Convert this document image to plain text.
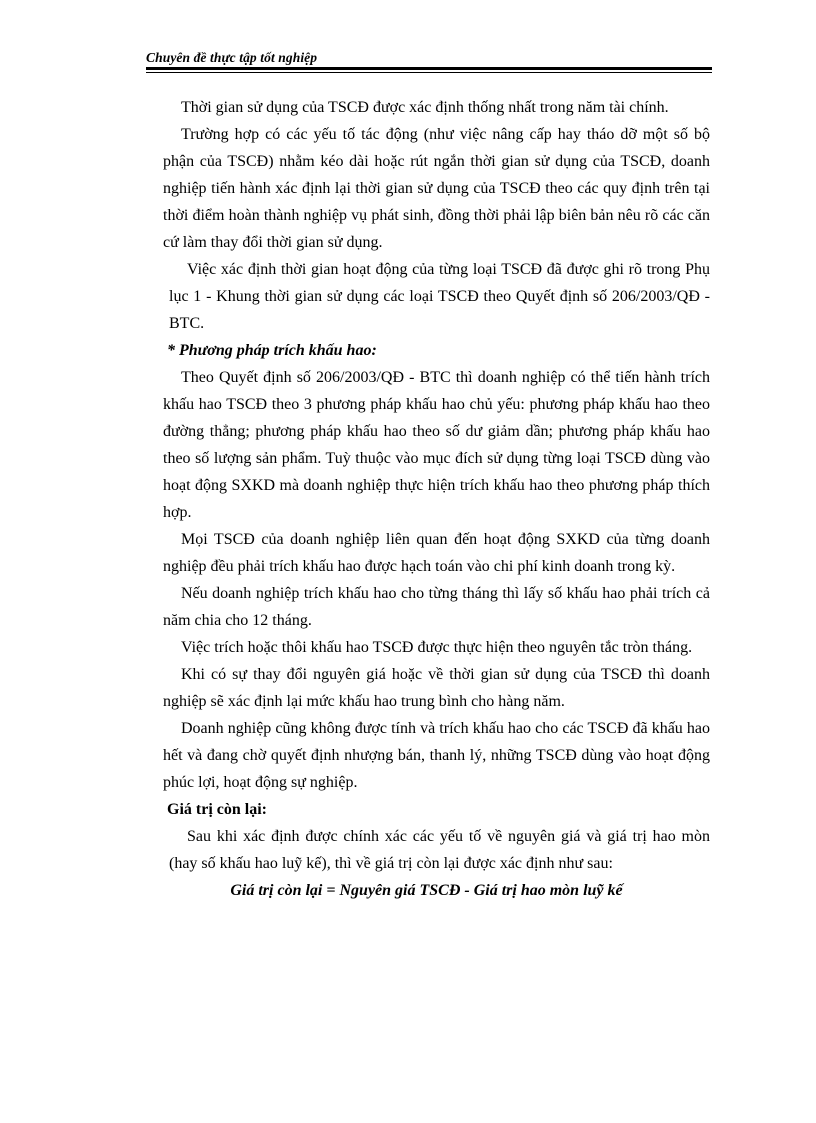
Chuyên đề thực tập tốt nghiệp

Thời gian sử dụng của TSCĐ được xác định thống nhất trong năm tài chính.

Trường hợp có các yếu tố tác động (như việc nâng cấp hay tháo dỡ một số bộ phận của TSCĐ) nhằm kéo dài hoặc rút ngắn thời gian sử dụng của TSCĐ, doanh nghiệp tiến hành xác định lại thời gian sử dụng của TSCĐ theo các quy định trên tại thời điểm hoàn thành nghiệp vụ phát sinh, đồng thời phải lập biên bản nêu rõ các căn cứ làm thay đổi thời gian sử dụng.

Việc xác định thời gian hoạt động của từng loại TSCĐ đã được ghi rõ trong Phụ lục 1 - Khung thời gian sử dụng các loại TSCĐ theo Quyết định số 206/2003/QĐ - BTC.

* Phương pháp trích khấu hao:

Theo Quyết định số 206/2003/QĐ - BTC thì doanh nghiệp có thể tiến hành trích khấu hao TSCĐ theo 3 phương pháp khấu hao chủ yếu: phương pháp khấu hao theo đường thẳng; phương pháp khấu hao theo số dư giảm dần; phương pháp khấu hao theo số lượng sản phẩm. Tuỳ thuộc vào mục đích sử dụng từng loại TSCĐ dùng vào hoạt động SXKD mà doanh nghiệp thực hiện trích khấu hao theo phương pháp thích hợp.

Mọi TSCĐ của doanh nghiệp liên quan đến hoạt động SXKD của từng doanh nghiệp đều phải trích khấu hao được hạch toán vào chi phí kinh doanh trong kỳ.

Nếu doanh nghiệp trích khấu hao cho từng tháng thì lấy số khấu hao phải trích cả năm chia cho 12 tháng.

Việc trích hoặc thôi khấu hao TSCĐ được thực hiện theo nguyên tắc tròn tháng.

Khi có sự thay đổi nguyên giá hoặc về thời gian sử dụng của TSCĐ thì doanh nghiệp sẽ xác định lại mức khấu hao trung bình cho hàng năm.

Doanh nghiệp cũng không được tính và trích khấu hao cho các TSCĐ đã khấu hao hết và đang chờ quyết định nhượng bán, thanh lý, những TSCĐ dùng vào hoạt động phúc lợi, hoạt động sự nghiệp.

Giá trị còn lại:

Sau khi xác định được chính xác các yếu tố về nguyên giá và giá trị hao mòn (hay số khấu hao luỹ kế), thì về giá trị còn lại được xác định như sau:

Giá trị còn lại = Nguyên giá TSCĐ - Giá trị hao mòn luỹ kế
